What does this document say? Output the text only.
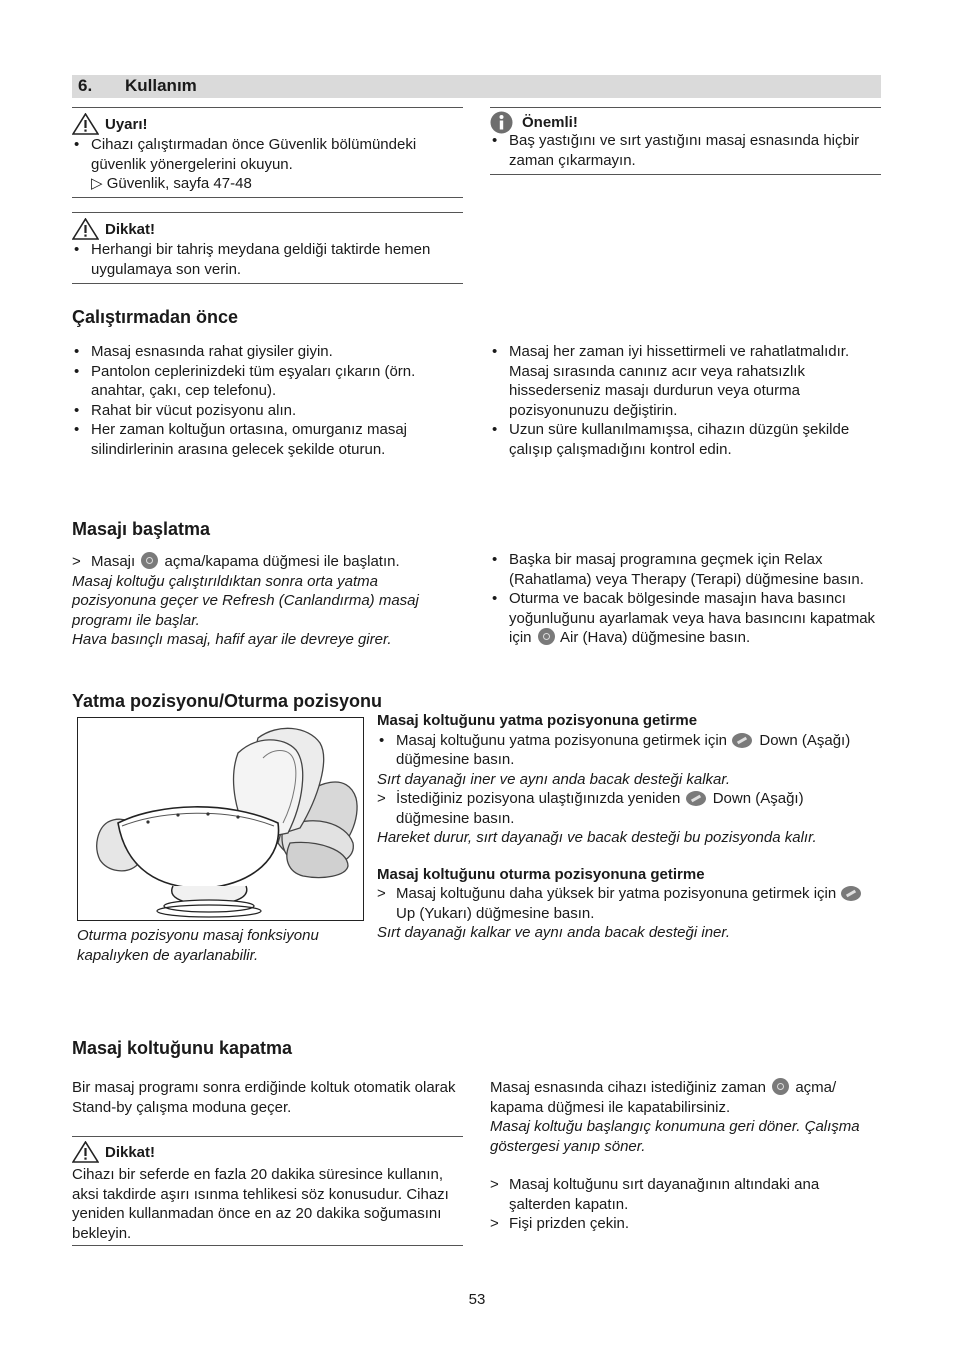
6. Kullanım
Uyarı!
• Cihazı çalıştırmadan önce Güvenlik bölümündeki güvenlik yönergelerini okuyun.
▷ Güvenlik, sayfa 47-48
Dikkat!
• Herhangi bir tahriş meydana geldiği taktirde hemen uygulamaya son verin.
Önemli!
• Baş yastığını ve sırt yastığını masaj esnasında hiçbir zaman çıkarmayın.
Çalıştırmadan önce
• Masaj esnasında rahat giysiler giyin.
• Pantolon ceplerinizdeki tüm eşyaları çıkarın (örn. anahtar, çakı, cep telefonu).
• Rahat bir vücut pozisyonu alın.
• Her zaman koltuğun ortasına, omurganız masaj silindirlerinin arasına gelecek şekilde oturun.
• Masaj her zaman iyi hissettirmeli ve rahatlatmalıdır. Masaj sırasında canınız acır veya rahatsızlık hissederseniz masajı durdurun veya oturma pozisyonunuzu değiştirin.
• Uzun süre kullanılmamışsa, cihazın düzgün şekilde çalışıp çalışmadığını kontrol edin.
Masajı başlatma
> Masajı açma/kapama düğmesi ile başlatın.
Masaj koltuğu çalıştırıldıktan sonra orta yatma pozisyonuna geçer ve Refresh (Canlandırma) masaj programı ile başlar.
Hava basınçlı masaj, hafif ayar ile devreye girer.
• Başka bir masaj programına geçmek için Relax (Rahatlama) veya Therapy (Terapi) düğmesine basın.
• Oturma ve bacak bölgesinde masajın hava basıncı yoğunluğunu ayarlamak veya hava basıncını kapatmak için Air (Hava) düğmesine basın.
Yatma pozisyonu/Oturma pozisyonu
Oturma pozisyonu masaj fonksiyonu kapalıyken de ayarlanabilir.
Masaj koltuğunu yatma pozisyonuna getirme
• Masaj koltuğunu yatma pozisyonuna getirmek için Down (Aşağı) düğmesine basın.
Sırt dayanağı iner ve aynı anda bacak desteği kalkar.
> İstediğiniz pozisyona ulaştığınızda yeniden Down (Aşağı) düğmesine basın.
Hareket durur, sırt dayanağı ve bacak desteği bu pozisyonda kalır.
Masaj koltuğunu oturma pozisyonuna getirme
> Masaj koltuğunu daha yüksek bir yatma pozisyonuna getirmek için  Up (Yukarı) düğmesine basın.
Sırt dayanağı kalkar ve aynı anda bacak desteği iner.
Masaj koltuğunu kapatma
Bir masaj programı sonra erdiğinde koltuk otomatik olarak Stand-by çalışma moduna geçer.
Dikkat!
Cihazı bir seferde en fazla 20 dakika süresince kullanın, aksi takdirde aşırı ısınma tehlikesi söz konusudur. Cihazı yeniden kullanmadan önce en az 20 dakika soğumasını bekleyin.
Masaj esnasında cihazı istediğiniz zaman açma/ kapama düğmesi ile kapatabilirsiniz.
Masaj koltuğu başlangıç konumuna geri döner. Çalışma göstergesi yanıp söner.
> Masaj koltuğunu sırt dayanağının altındaki ana şalterden kapatın.
> Fişi prizden çekin.
53
